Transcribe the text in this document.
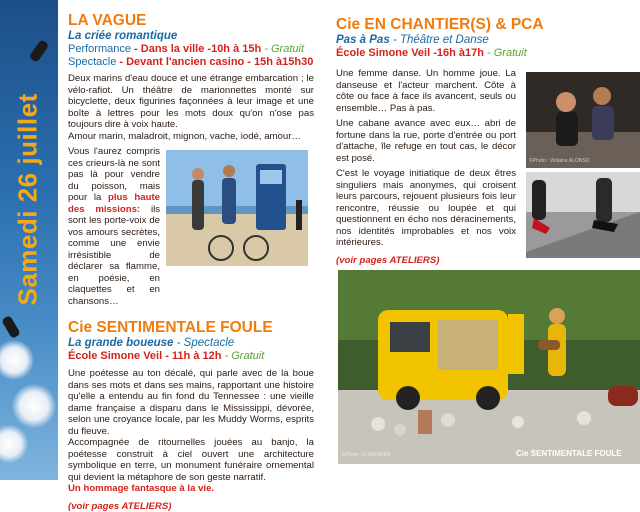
Samedi 26 juillet
LA VAGUE
La criée romantique
Performance - Dans la ville -10h à 15h - Gratuit
Spectacle - Devant l'ancien casino - 15h à15h30

Deux marins d'eau douce et une étrange embarcation ; le vélo-rafiot. Un théâtre de marionnettes monté sur bicyclette, deux figurines façonnées à leur image et une boîte à lettres pour les mots doux qu'on n'ose pas toujours dire à voix haute.

Amour marin, maladroit, mignon, vache, iodé, amour…

Vous l'aurez compris ces crieurs-là ne sont pas là pour vendre du poisson, mais pour la plus haute des missions: ils sont les porte-voix de vos amours secrètes, comme une envie irrésistible de déclarer sa flamme, en poésie, en claquettes et en chansons…

Cie SENTIMENTALE FOULE
La grande boueuse - Spectacle
École Simone Veil - 11h à 12h - Gratuit

Une poétesse au ton décalé, qui parle avec de la boue dans ses mots et dans ses mains, rapportant une histoire qu'elle a entendu au fin fond du Tennessee : une vieille dame française a disparu dans le Mississippi, dévorée, selon une croyance locale, par les Muddy Worms, esprits du fleuve.

Accompagnée de ritournelles jouées au banjo, la poétesse construit à ciel ouvert une architecture symbolique en terre, un monument funéraire ornemental qui devient la métaphore de son geste narratif.

Un hommage fantasque à la vie.

(voir pages ATELIERS)
Cie EN CHANTIER(S) & PCA
Pas à Pas - Théâtre et Danse
École Simone Veil -16h à17h - Gratuit

Une femme danse. Un homme joue. La danseuse et l'acteur marchent. Côte à côte ou face à face ils avancent, seuls ou ensemble… Pas à pas.

Une cabane avance avec eux… abri de fortune dans la rue, porte d'entrée ou port d'attache, île refuge en tout cas, le décor est posé.

C'est le voyage initiatique de deux êtres singuliers mais anonymes, qui croisent leurs parcours, rejouent plusieurs fois leur rencontre, réussie ou loupée et qui questionnent en écho nos déracinements, nos identités improbables et nos voix intérieures.

(voir pages ATELIERS)
©Photo : Violaine ALONSO
©Photo : C.GARBIER	Cie SENTIMENTALE FOULE
